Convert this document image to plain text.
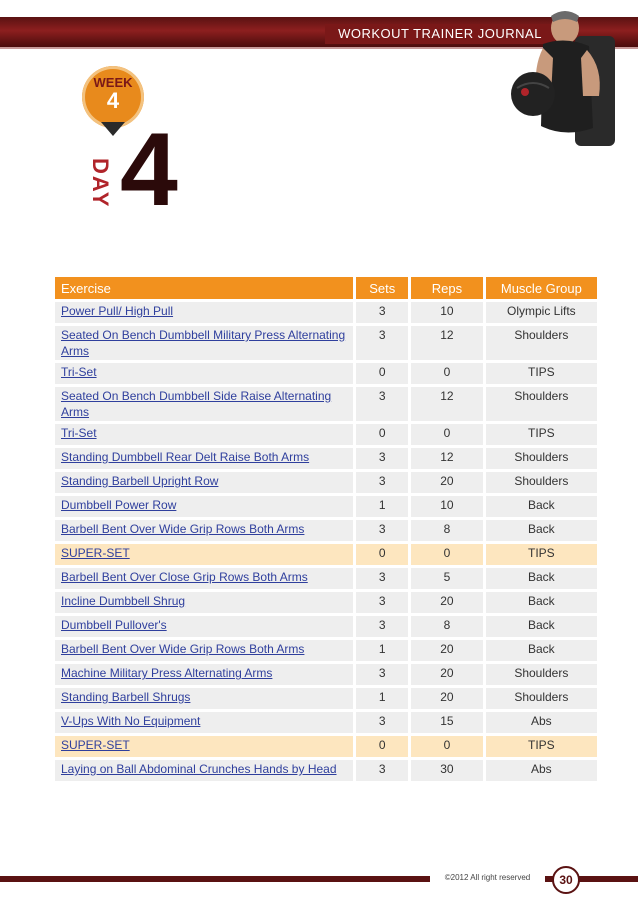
WORKOUT TRAINER JOURNAL
WEEK
4
DAY 4
Exercise	Sets	Reps	Muscle Group
Power Pull/ High Pull	3	10	Olympic Lifts
Seated On Bench Dumbbell Military Press Alternating Arms	3	12	Shoulders
Tri-Set	0	0	TIPS
Seated On Bench Dumbbell Side Raise Alternating Arms	3	12	Shoulders
Tri-Set	0	0	TIPS
Standing Dumbbell Rear Delt Raise Both Arms	3	12	Shoulders
Standing Barbell Upright Row	3	20	Shoulders
Dumbbell Power Row	1	10	Back
Barbell Bent Over Wide Grip Rows Both Arms	3	8	Back
SUPER-SET	0	0	TIPS
Barbell Bent Over Close Grip Rows Both Arms	3	5	Back
Incline Dumbbell Shrug	3	20	Back
Dumbbell Pullover's	3	8	Back
Barbell Bent Over Wide Grip Rows Both Arms	1	20	Back
Machine Military Press Alternating Arms	3	20	Shoulders
Standing Barbell Shrugs	1	20	Shoulders
V-Ups With No Equipment	3	15	Abs
SUPER-SET	0	0	TIPS
Laying on Ball Abdominal Crunches Hands by Head	3	30	Abs
©2012 All right reserved	30
